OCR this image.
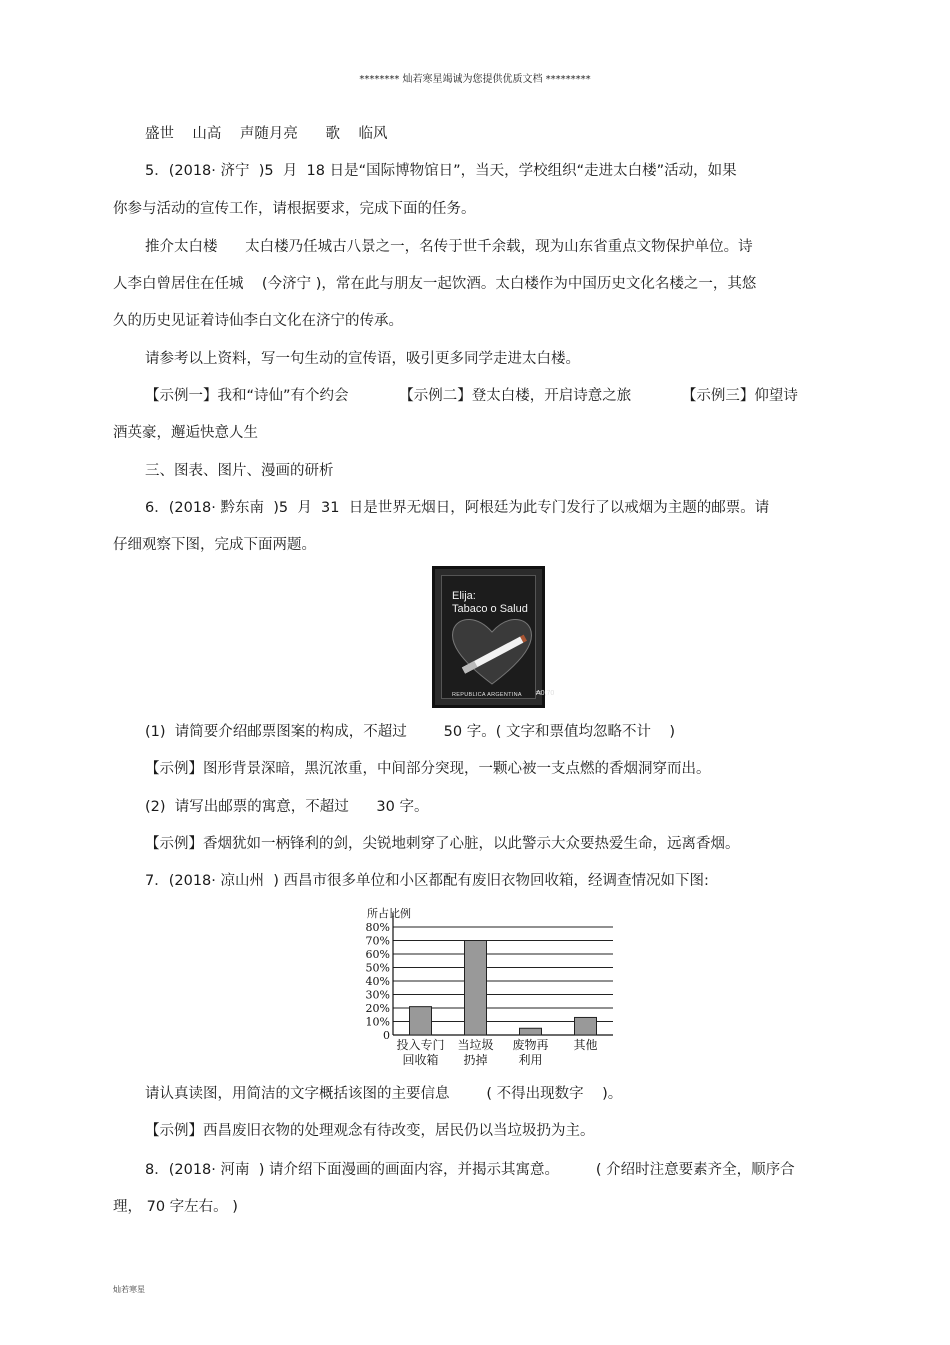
******** 灿若寒星竭诚为您提供优质文档 *********
盛世    山高    声随月亮      歌    临风
5．(2018· 济宁  )5  月  18 日是“国际博物馆日”，当天，学校组织“走进太白楼”活动，如果
你参与活动的宣传工作，请根据要求，完成下面的任务。
推介太白楼      太白楼乃任城古八景之一，名传于世千余载，现为山东省重点文物保护单位。诗
人李白曾居住在任城    (今济宁 )，常在此与朋友一起饮酒。太白楼作为中国历史文化名楼之一，其悠
久的历史见证着诗仙李白文化在济宁的传承。
请参考以上资料，写一句生动的宣传语，吸引更多同学走进太白楼。
【示例一】我和“诗仙”有个约会           【示例二】登太白楼，开启诗意之旅           【示例三】仰望诗
酒英豪，邂逅快意人生
三、图表、图片、漫画的研析
6．(2018· 黔东南  )5  月  31  日是世界无烟日，阿根廷为此专门发行了以戒烟为主题的邮票。请
仔细观察下图，完成下面两题。
Elija:
Tabaco o Salud
REPUBLICA ARGENTINA ₳0,70
(1)  请简要介绍邮票图案的构成，不超过        50 字。( 文字和票值均忽略不计    )
【示例】图形背景深暗，黑沉浓重，中间部分突现，一颗心被一支点燃的香烟洞穿而出。
(2)  请写出邮票的寓意，不超过      30 字。
【示例】香烟犹如一柄锋利的剑，尖锐地刺穿了心脏，以此警示大众要热爱生命，远离香烟。
7．(2018· 凉山州  ) 西昌市很多单位和小区都配有废旧衣物回收箱，经调查情况如下图:
所占比例
80%
70%
60%
50%
40%
30%
20%
10%
0
投入专门
回收箱
当垃圾
扔掉
废物再
利用
其他
请认真读图，用简洁的文字概括该图的主要信息        ( 不得出现数字    )。
【示例】西昌废旧衣物的处理观念有待改变，居民仍以当垃圾扔为主。
8．(2018· 河南  ) 请介绍下面漫画的画面内容，并揭示其寓意。        ( 介绍时注意要素齐全，顺序合
理， 70 字左右。 )
灿若寒星
